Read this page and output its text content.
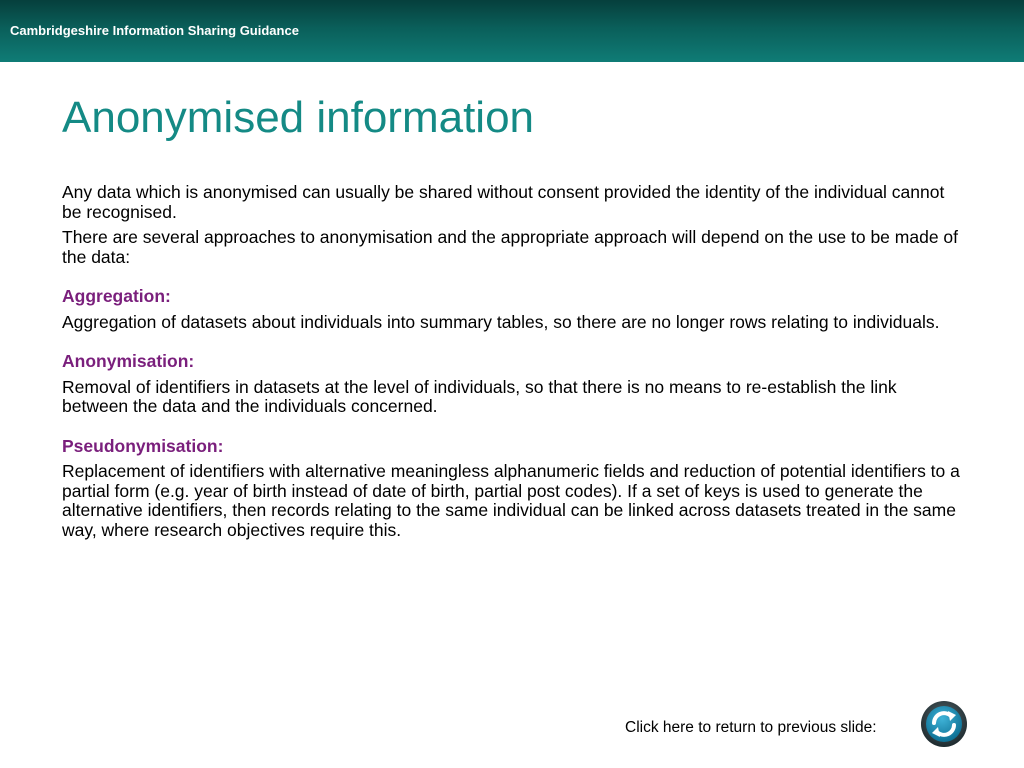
Cambridgeshire Information Sharing Guidance
Anonymised information

Any data which is anonymised can usually be shared without consent provided the identity of the individual cannot be recognised.

There are several approaches to anonymisation and the appropriate approach will depend on the use to be made of the data:

Aggregation:

Aggregation of datasets about individuals into summary tables, so there are no longer rows relating to individuals.

Anonymisation:

Removal of identifiers in datasets at the level of individuals, so that there is no means to re-establish the link between the data and the individuals concerned.

Pseudonymisation:

Replacement of identifiers with alternative meaningless alphanumeric fields and reduction of potential identifiers to a partial form (e.g. year of birth instead of date of birth, partial post codes). If a set of keys is used to generate the alternative identifiers, then records relating to the same individual can be linked across datasets treated in the same way, where research objectives require this.

Click here to return to previous slide:
